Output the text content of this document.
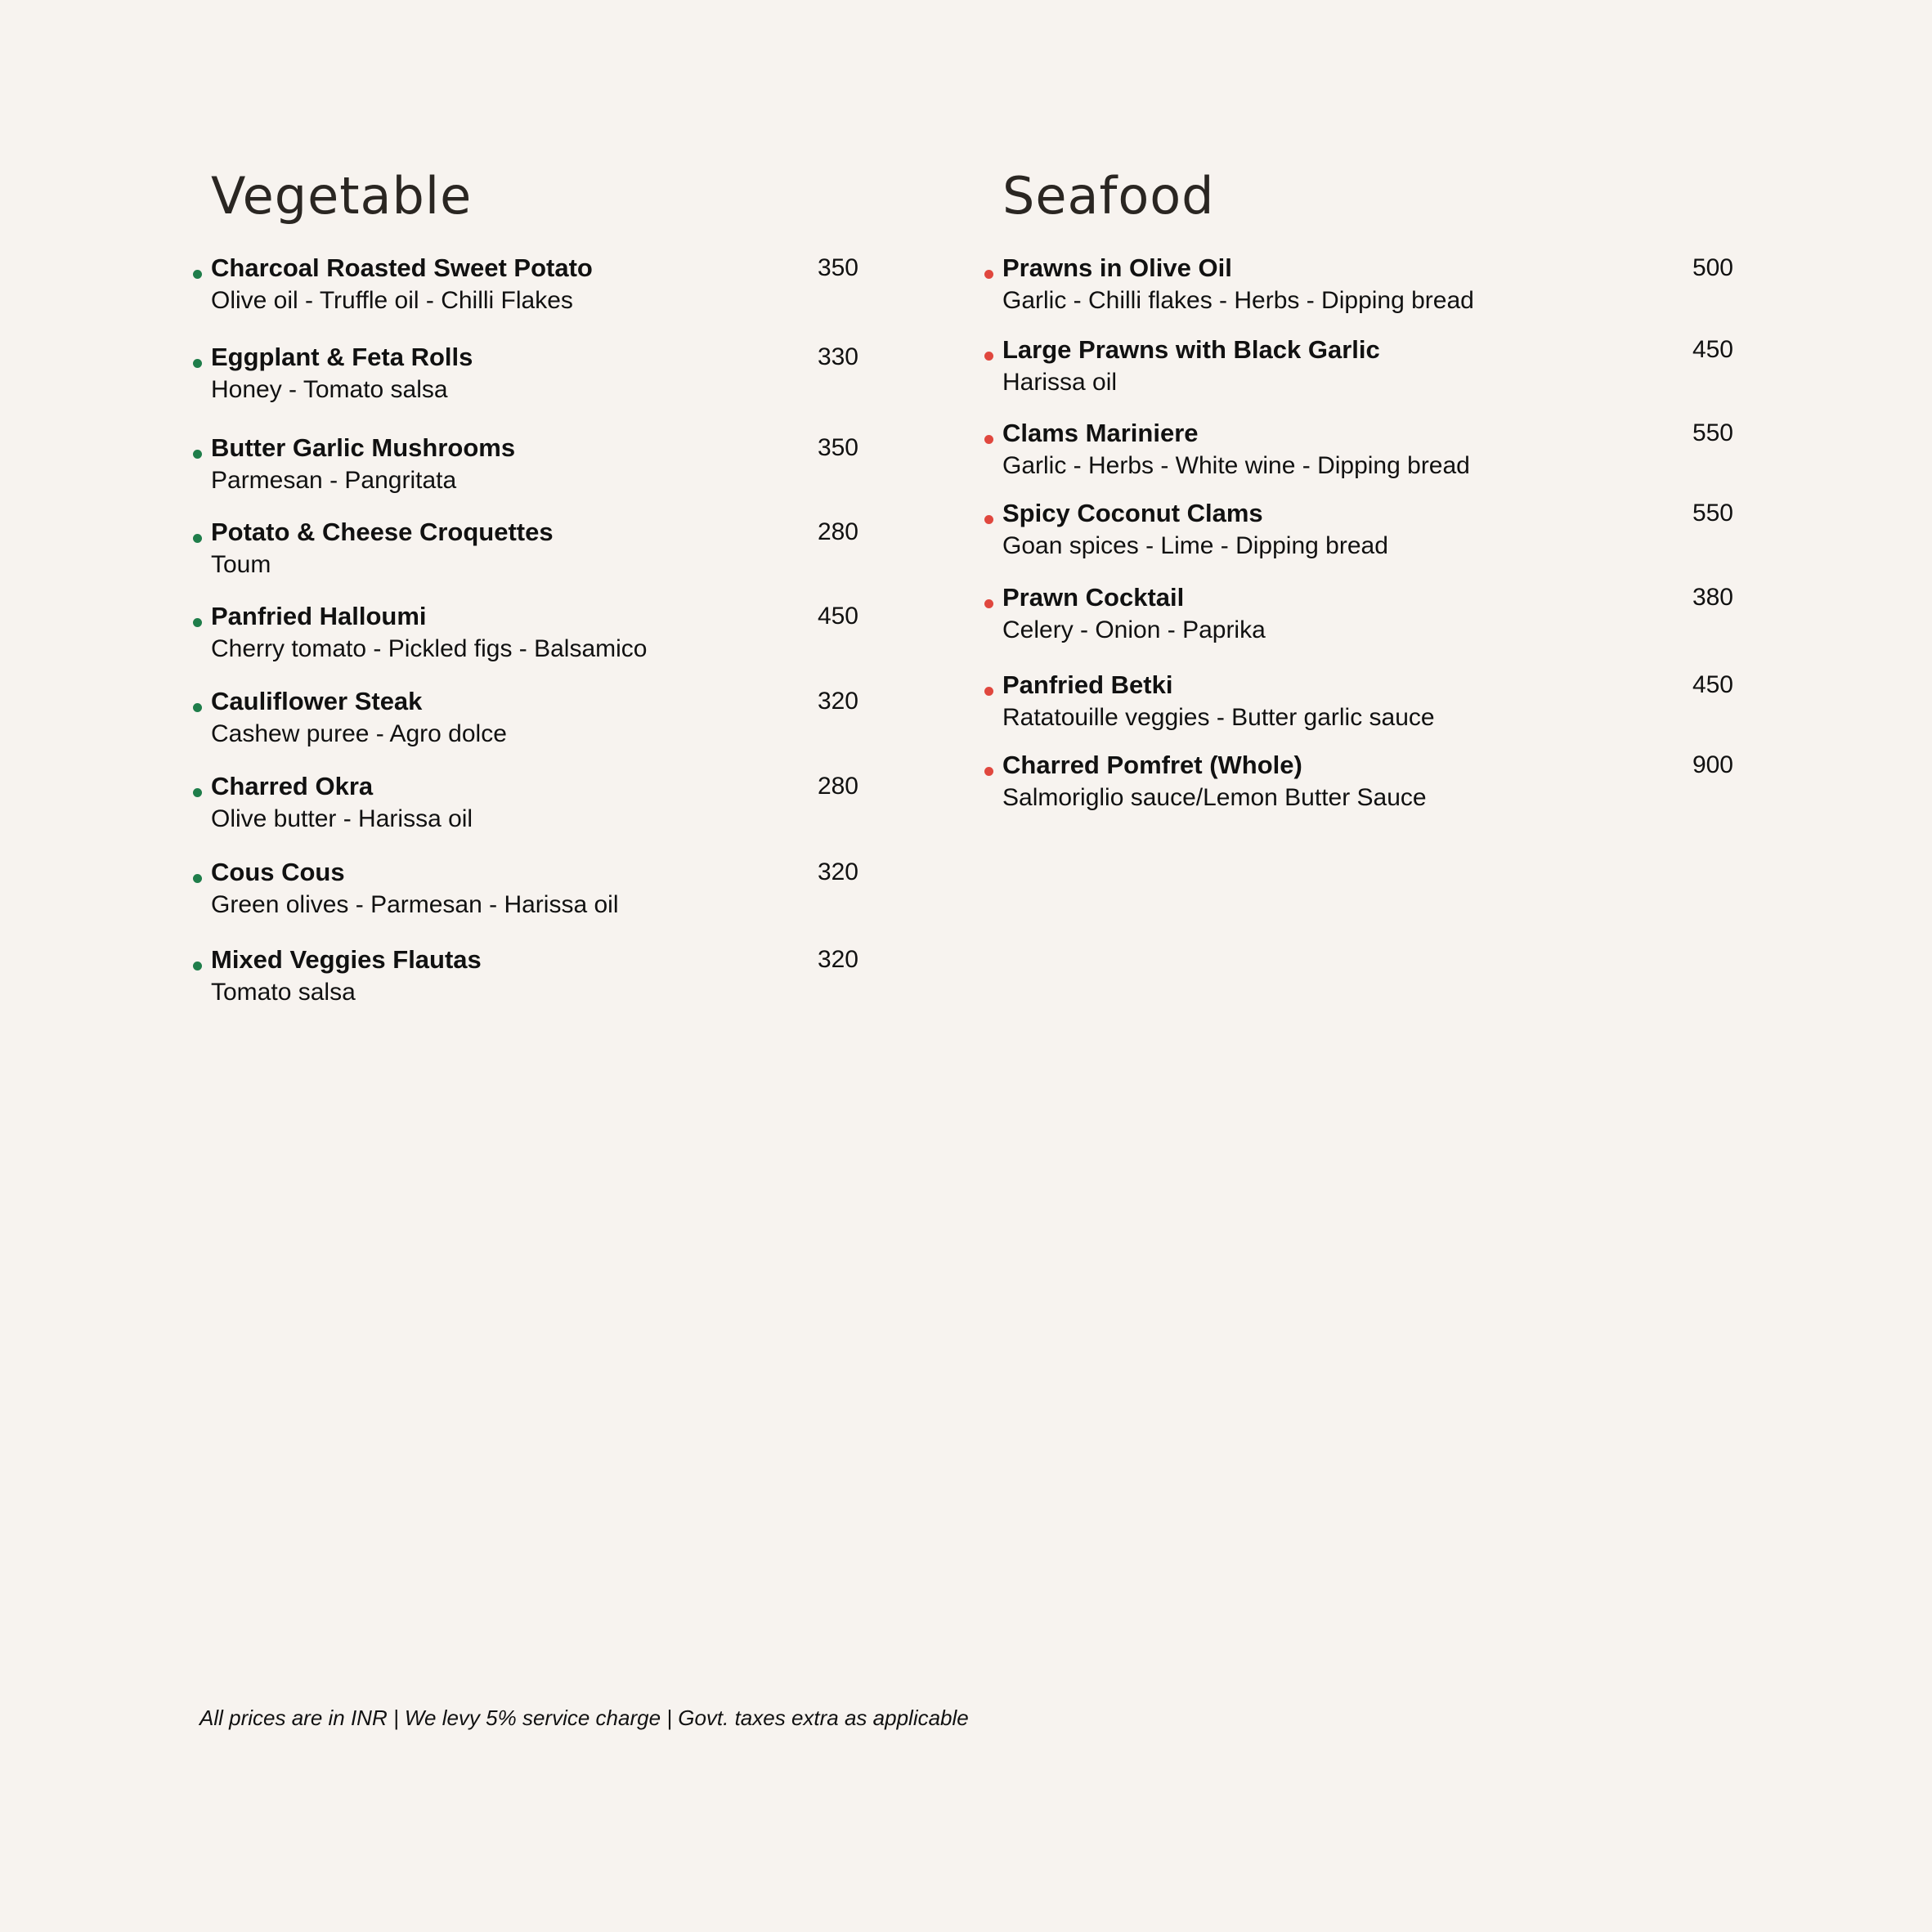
Vegetable
Charcoal Roasted Sweet Potato	350
Olive oil - Truffle oil - Chilli Flakes
Eggplant & Feta Rolls	330
Honey - Tomato salsa
Butter Garlic Mushrooms	350
Parmesan - Pangritata
Potato & Cheese Croquettes	280
Toum
Panfried Halloumi	450
Cherry tomato - Pickled figs - Balsamico
Cauliflower Steak	320
Cashew puree - Agro dolce
Charred Okra	280
Olive butter - Harissa oil
Cous Cous	320
Green olives - Parmesan - Harissa oil
Mixed Veggies Flautas	320
Tomato salsa
Seafood
Prawns in Olive Oil	500
Garlic - Chilli flakes - Herbs - Dipping bread
Large Prawns with Black Garlic	450
Harissa oil
Clams Mariniere	550
Garlic - Herbs - White wine - Dipping bread
Spicy Coconut Clams	550
Goan spices - Lime - Dipping bread
Prawn Cocktail	380
Celery - Onion - Paprika
Panfried Betki	450
Ratatouille veggies - Butter garlic sauce
Charred Pomfret (Whole)	900
Salmoriglio sauce/Lemon Butter Sauce
All prices are in INR | We levy 5% service charge | Govt. taxes extra as applicable
